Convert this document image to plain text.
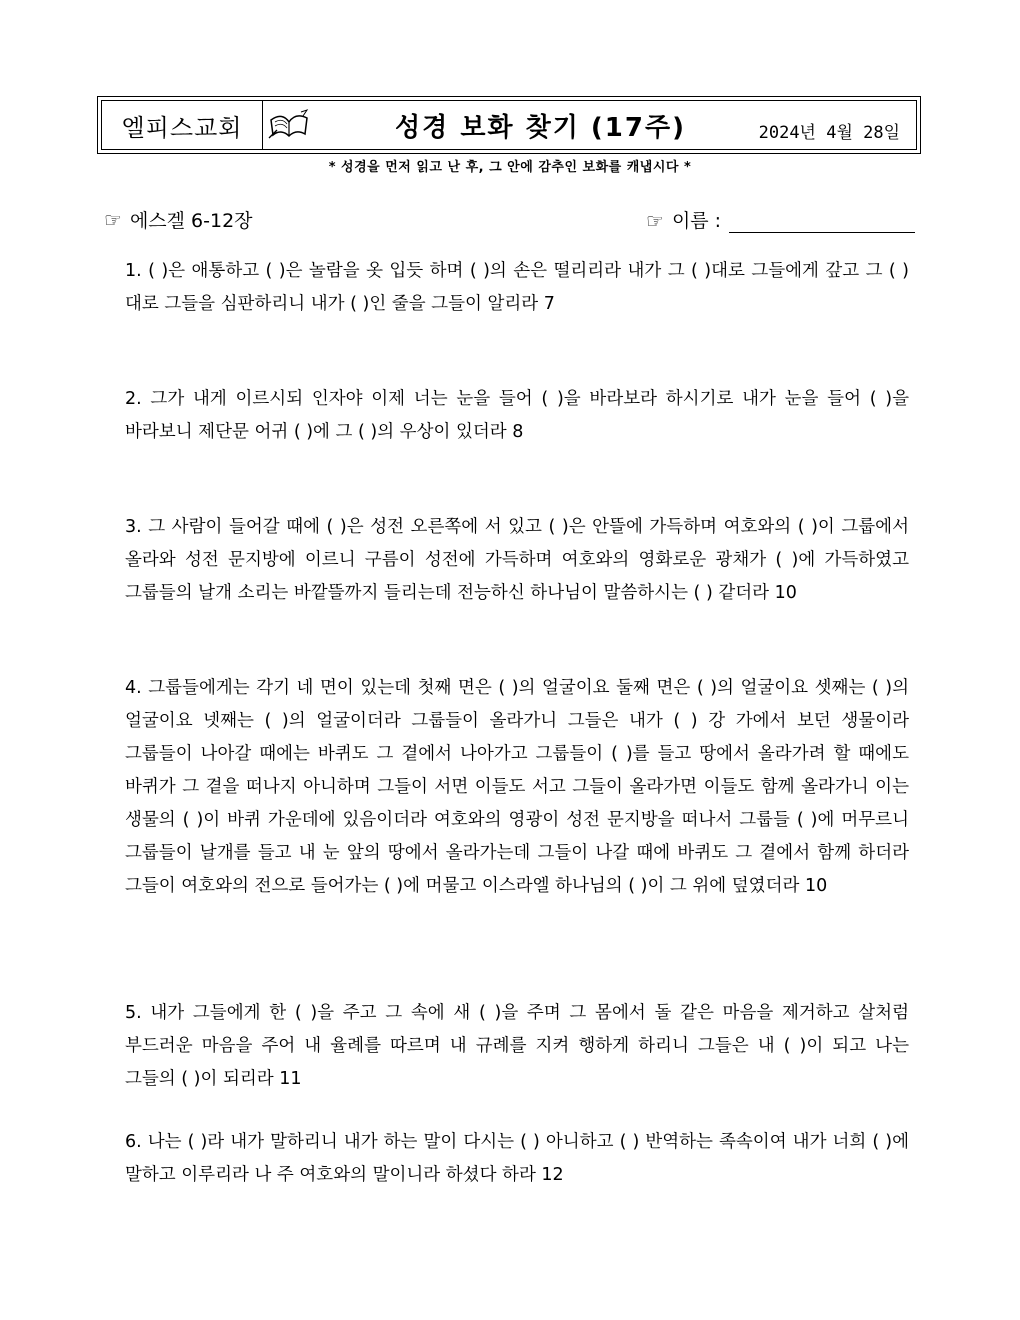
엘피스교회	성경 보화 찾기 (17주)	2024년 4월 28일
* 성경을 먼저 읽고 난 후, 그 안에 감추인 보화를 캐냅시다 *
☞ 에스겔 6-12장	☞ 이름 :
1. ( )은 애통하고 ( )은 놀람을 옷 입듯 하며 ( )의 손은 떨리리라 내가 그 ( )대로 그들에게 갚고 그 ( )대로 그들을 심판하리니 내가 ( )인 줄을 그들이 알리라 7
2. 그가 내게 이르시되 인자야 이제 너는 눈을 들어 ( )을 바라보라 하시기로 내가 눈을 들어 ( )을 바라보니 제단문 어귀 ( )에 그 ( )의 우상이 있더라 8
3. 그 사람이 들어갈 때에 ( )은 성전 오른쪽에 서 있고 ( )은 안뜰에 가득하며 여호와의 ( )이 그룹에서 올라와 성전 문지방에 이르니 구름이 성전에 가득하며 여호와의 영화로운 광채가 ( )에 가득하였고 그룹들의 날개 소리는 바깥뜰까지 들리는데 전능하신 하나님이 말씀하시는 ( ) 같더라 10
4. 그룹들에게는 각기 네 면이 있는데 첫째 면은 ( )의 얼굴이요 둘째 면은 ( )의 얼굴이요 셋째는 ( )의 얼굴이요 넷째는 ( )의 얼굴이더라 그룹들이 올라가니 그들은 내가 ( ) 강 가에서 보던 생물이라 그룹들이 나아갈 때에는 바퀴도 그 곁에서 나아가고 그룹들이 ( )를 들고 땅에서 올라가려 할 때에도 바퀴가 그 곁을 떠나지 아니하며 그들이 서면 이들도 서고 그들이 올라가면 이들도 함께 올라가니 이는 생물의 ( )이 바퀴 가운데에 있음이더라 여호와의 영광이 성전 문지방을 떠나서 그룹들 ( )에 머무르니 그룹들이 날개를 들고 내 눈 앞의 땅에서 올라가는데 그들이 나갈 때에 바퀴도 그 곁에서 함께 하더라 그들이 여호와의 전으로 들어가는 ( )에 머물고 이스라엘 하나님의 ( )이 그 위에 덮였더라 10
5. 내가 그들에게 한 ( )을 주고 그 속에 새 ( )을 주며 그 몸에서 돌 같은 마음을 제거하고 살처럼 부드러운 마음을 주어 내 율례를 따르며 내 규례를 지켜 행하게 하리니 그들은 내 ( )이 되고 나는 그들의 ( )이 되리라 11
6. 나는 ( )라 내가 말하리니 내가 하는 말이 다시는 ( ) 아니하고 ( ) 반역하는 족속이여 내가 너희 ( )에 말하고 이루리라 나 주 여호와의 말이니라 하셨다 하라 12
